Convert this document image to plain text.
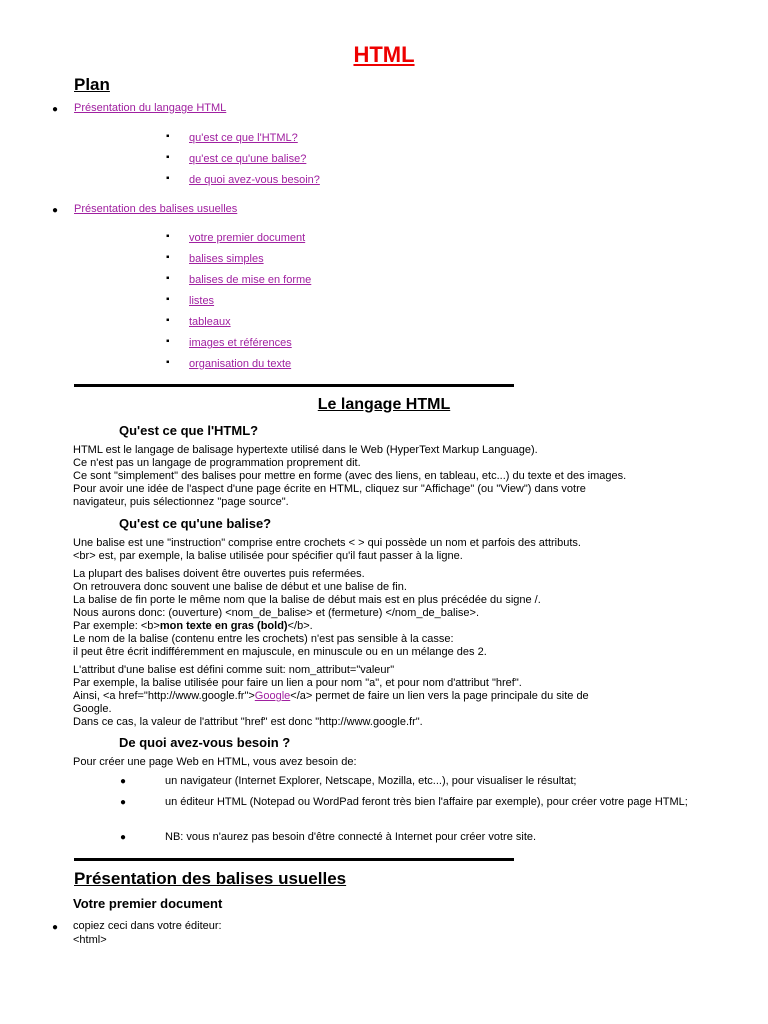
HTML
Plan
● Présentation du langage HTML
▪ qu'est ce que l'HTML?
▪ qu'est ce qu'une balise?
▪ de quoi avez-vous besoin?
● Présentation des balises usuelles
▪ votre premier document
▪ balises simples
▪ balises de mise en forme
▪ listes
▪ tableaux
▪ images et références
▪ organisation du texte
Le langage HTML
Qu'est ce que l'HTML?

HTML est le langage de balisage hypertexte utilisé dans le Web (HyperText Markup Language).

Ce n'est pas un langage de programmation proprement dit.

Ce sont "simplement" des balises pour mettre en forme (avec des liens, en tableau, etc...) du texte et des images.

Pour avoir une idée de l'aspect d'une page écrite en HTML, cliquez sur "Affichage" (ou "View") dans votre

navigateur, puis sélectionnez "page source".

Qu'est ce qu'une balise?

Une balise est une "instruction" comprise entre crochets < > qui possède un nom et parfois des attributs.

<br> est, par exemple, la balise utilisée pour spécifier qu'il faut passer à la ligne.

La plupart des balises doivent être ouvertes puis refermées.

On retrouvera donc souvent une balise de début et une balise de fin.

La balise de fin porte le même nom que la balise de début mais est en plus précédée du signe /.

Nous aurons donc: (ouverture) <nom_de_balise> et (fermeture) </nom_de_balise>.

Par exemple: <b>mon texte en gras (bold)</b>.

Le nom de la balise (contenu entre les crochets) n'est pas sensible à la casse:

il peut être écrit indifféremment en majuscule, en minuscule ou en un mélange des 2.

L'attribut d'une balise est défini comme suit: nom_attribut="valeur"

Par exemple, la balise utilisée pour faire un lien a pour nom "a", et pour nom d'attribut "href".

Ainsi, <a href="http://www.google.fr">Google</a> permet de faire un lien vers la page principale du site de

Google.

Dans ce cas, la valeur de l'attribut "href" est donc "http://www.google.fr".

De quoi avez-vous besoin ?
Pour créer une page Web en HTML, vous avez besoin de:
●	un navigateur (Internet Explorer, Netscape, Mozilla, etc...), pour visualiser le résultat;
●	un éditeur HTML (Notepad ou WordPad feront très bien l'affaire par exemple), pour créer votre page HTML;
●	NB: vous n'aurez pas besoin d'être connecté à Internet pour créer votre site.
Présentation des balises usuelles
Votre premier document
● copiez ceci dans votre éditeur:
<html>
